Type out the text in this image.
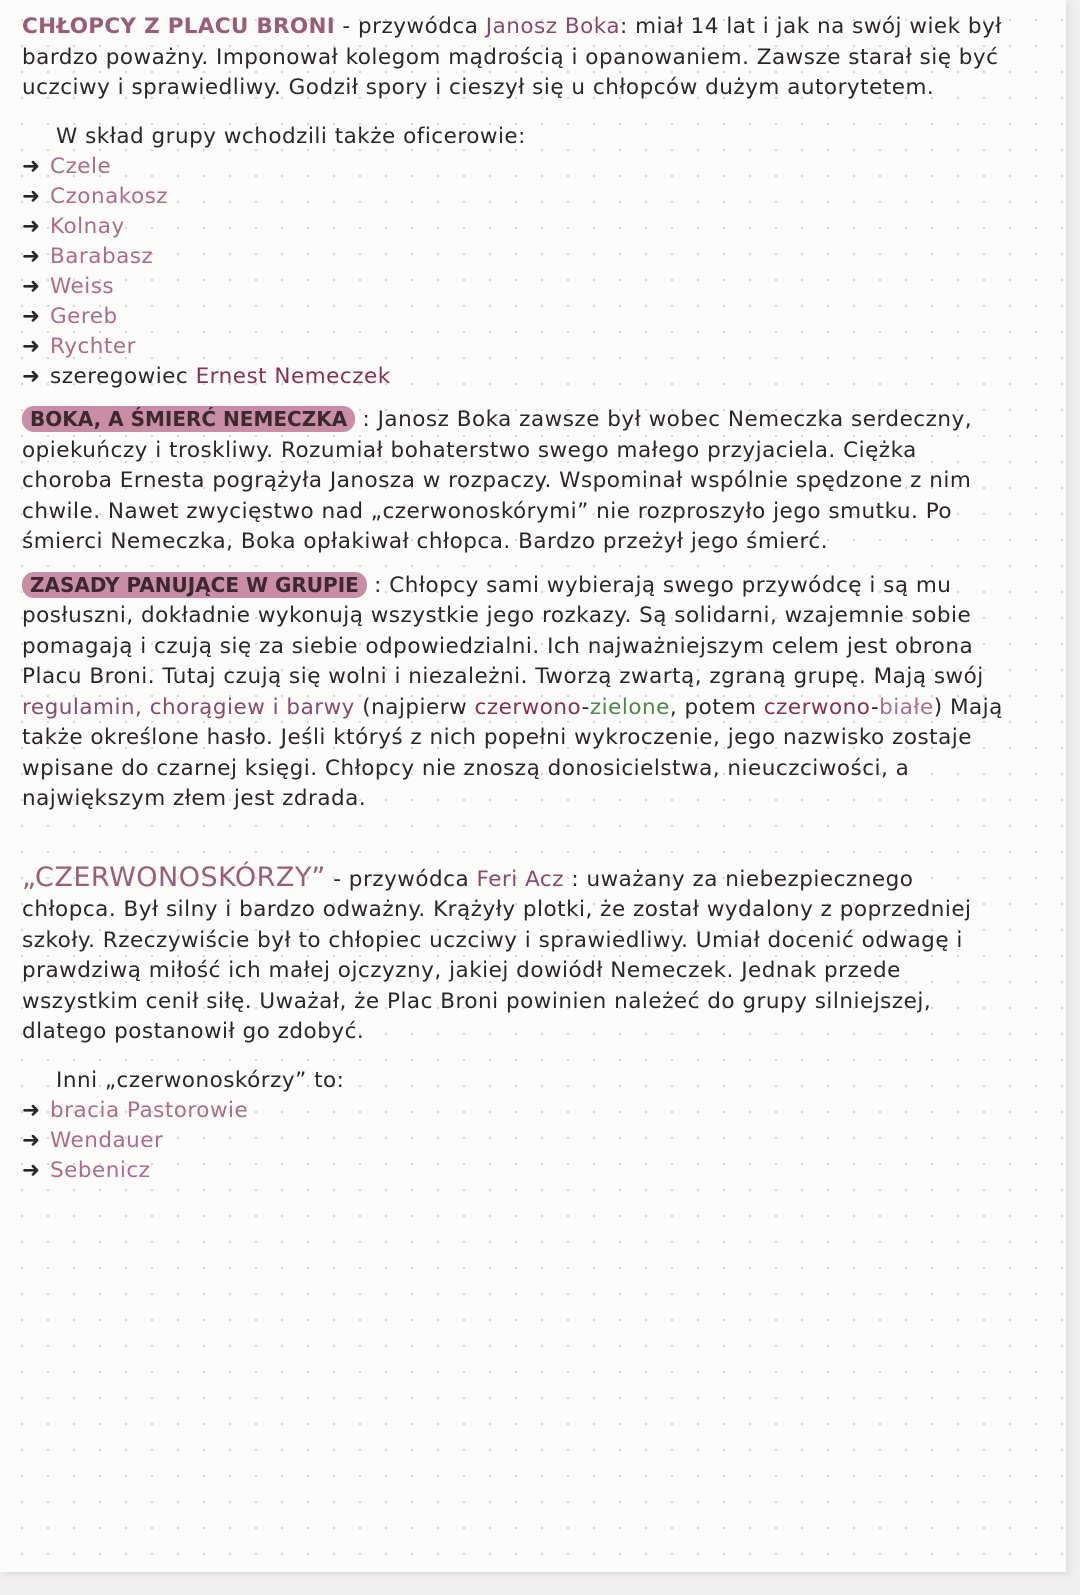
CHŁOPCY Z PLACU BRONI - przywódca Janosz Boka: miał 14 lat i jak na swój wiek był bardzo poważny. Imponował kolegom mądrością i opanowaniem. Zawsze starał się być uczciwy i sprawiedliwy. Godził spory i cieszył się u chłopców dużym autorytetem.

W skład grupy wchodzili także oficerowie:

➜ Czele
➜ Czonakosz
➜ Kolnay
➜ Barabasz
➜ Weiss
➜ Gereb
➜ Rychter
➜ szeregowiec Ernest Nemeczek

BOKA, A ŚMIERĆ NEMECZKA : Janosz Boka zawsze był wobec Nemeczka serdeczny, opiekuńczy i troskliwy. Rozumiał bohaterstwo swego małego przyjaciela. Ciężka choroba Ernesta pogrążyła Janosza w rozpaczy. Wspominał wspólnie spędzone z nim chwile. Nawet zwycięstwo nad „czerwonoskórymi” nie rozproszyło jego smutku. Po śmierci Nemeczka, Boka opłakiwał chłopca. Bardzo przeżył jego śmierć.

ZASADY PANUJĄCE W GRUPIE : Chłopcy sami wybierają swego przywódcę i są mu posłuszni, dokładnie wykonują wszystkie jego rozkazy. Są solidarni, wzajemnie sobie pomagają i czują się za siebie odpowiedzialni. Ich najważniejszym celem jest obrona Placu Broni. Tutaj czują się wolni i niezależni. Tworzą zwartą, zgraną grupę. Mają swój regulamin, chorągiew i barwy (najpierw czerwono-zielone, potem czerwono-białe) Mają także określone hasło. Jeśli któryś z nich popełni wykroczenie, jego nazwisko zostaje wpisane do czarnej księgi. Chłopcy nie znoszą donosicielstwa, nieuczciwości, a największym złem jest zdrada.

„CZERWONOSKÓRZY” - przywódca Feri Acz : uważany za niebezpiecznego chłopca. Był silny i bardzo odważny. Krążyły plotki, że został wydalony z poprzedniej szkoły. Rzeczywiście był to chłopiec uczciwy i sprawiedliwy. Umiał docenić odwagę i prawdziwą miłość ich małej ojczyzny, jakiej dowiódł Nemeczek. Jednak przede wszystkim cenił siłę. Uważał, że Plac Broni powinien należeć do grupy silniejszej, dlatego postanowił go zdobyć.

Inni „czerwonoskórzy” to:

➜ bracia Pastorowie
➜ Wendauer
➜ Sebenicz
